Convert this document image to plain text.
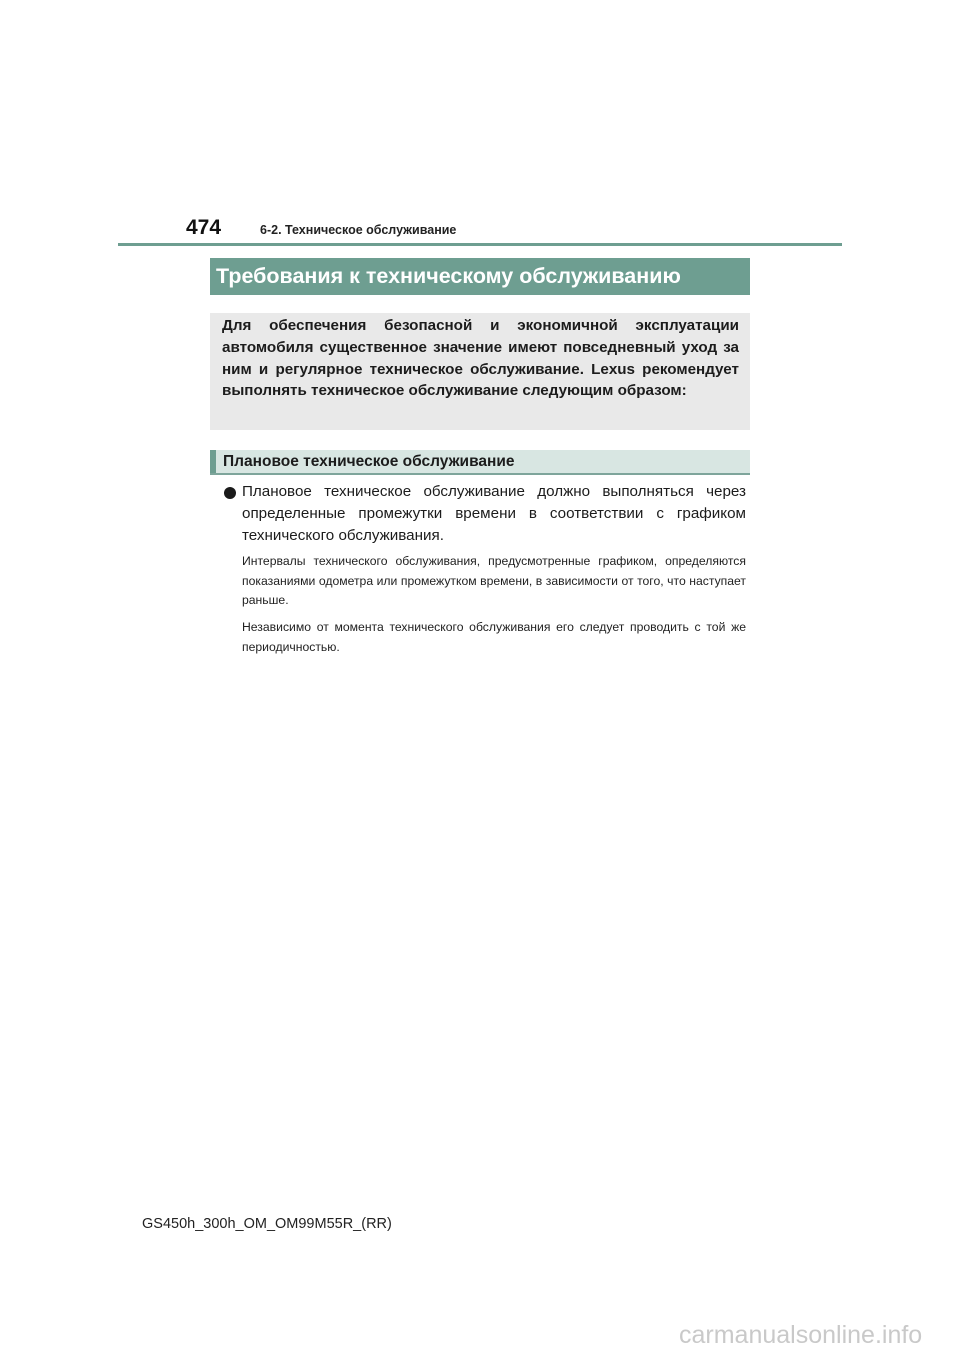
474	6-2. Техническое обслуживание
Требования к техническому обслуживанию

Для обеспечения безопасной и экономичной эксплуатации автомобиля существенное значение имеют повседневный уход за ним и регулярное техническое обслуживание. Lexus рекомендует выполнять техническое обслуживание следующим образом:

Плановое техническое обслуживание
Плановое техническое обслуживание должно выполняться через определенные промежутки времени в соответствии с графиком технического обслуживания.

Интервалы технического обслуживания, предусмотренные графиком, определяются показаниями одометра или промежутком времени, в зависимости от того, что наступает раньше.

Независимо от момента технического обслуживания его следует проводить с той же периодичностью.

GS450h_300h_OM_OM99M55R_(RR)
carmanualsonline.info
